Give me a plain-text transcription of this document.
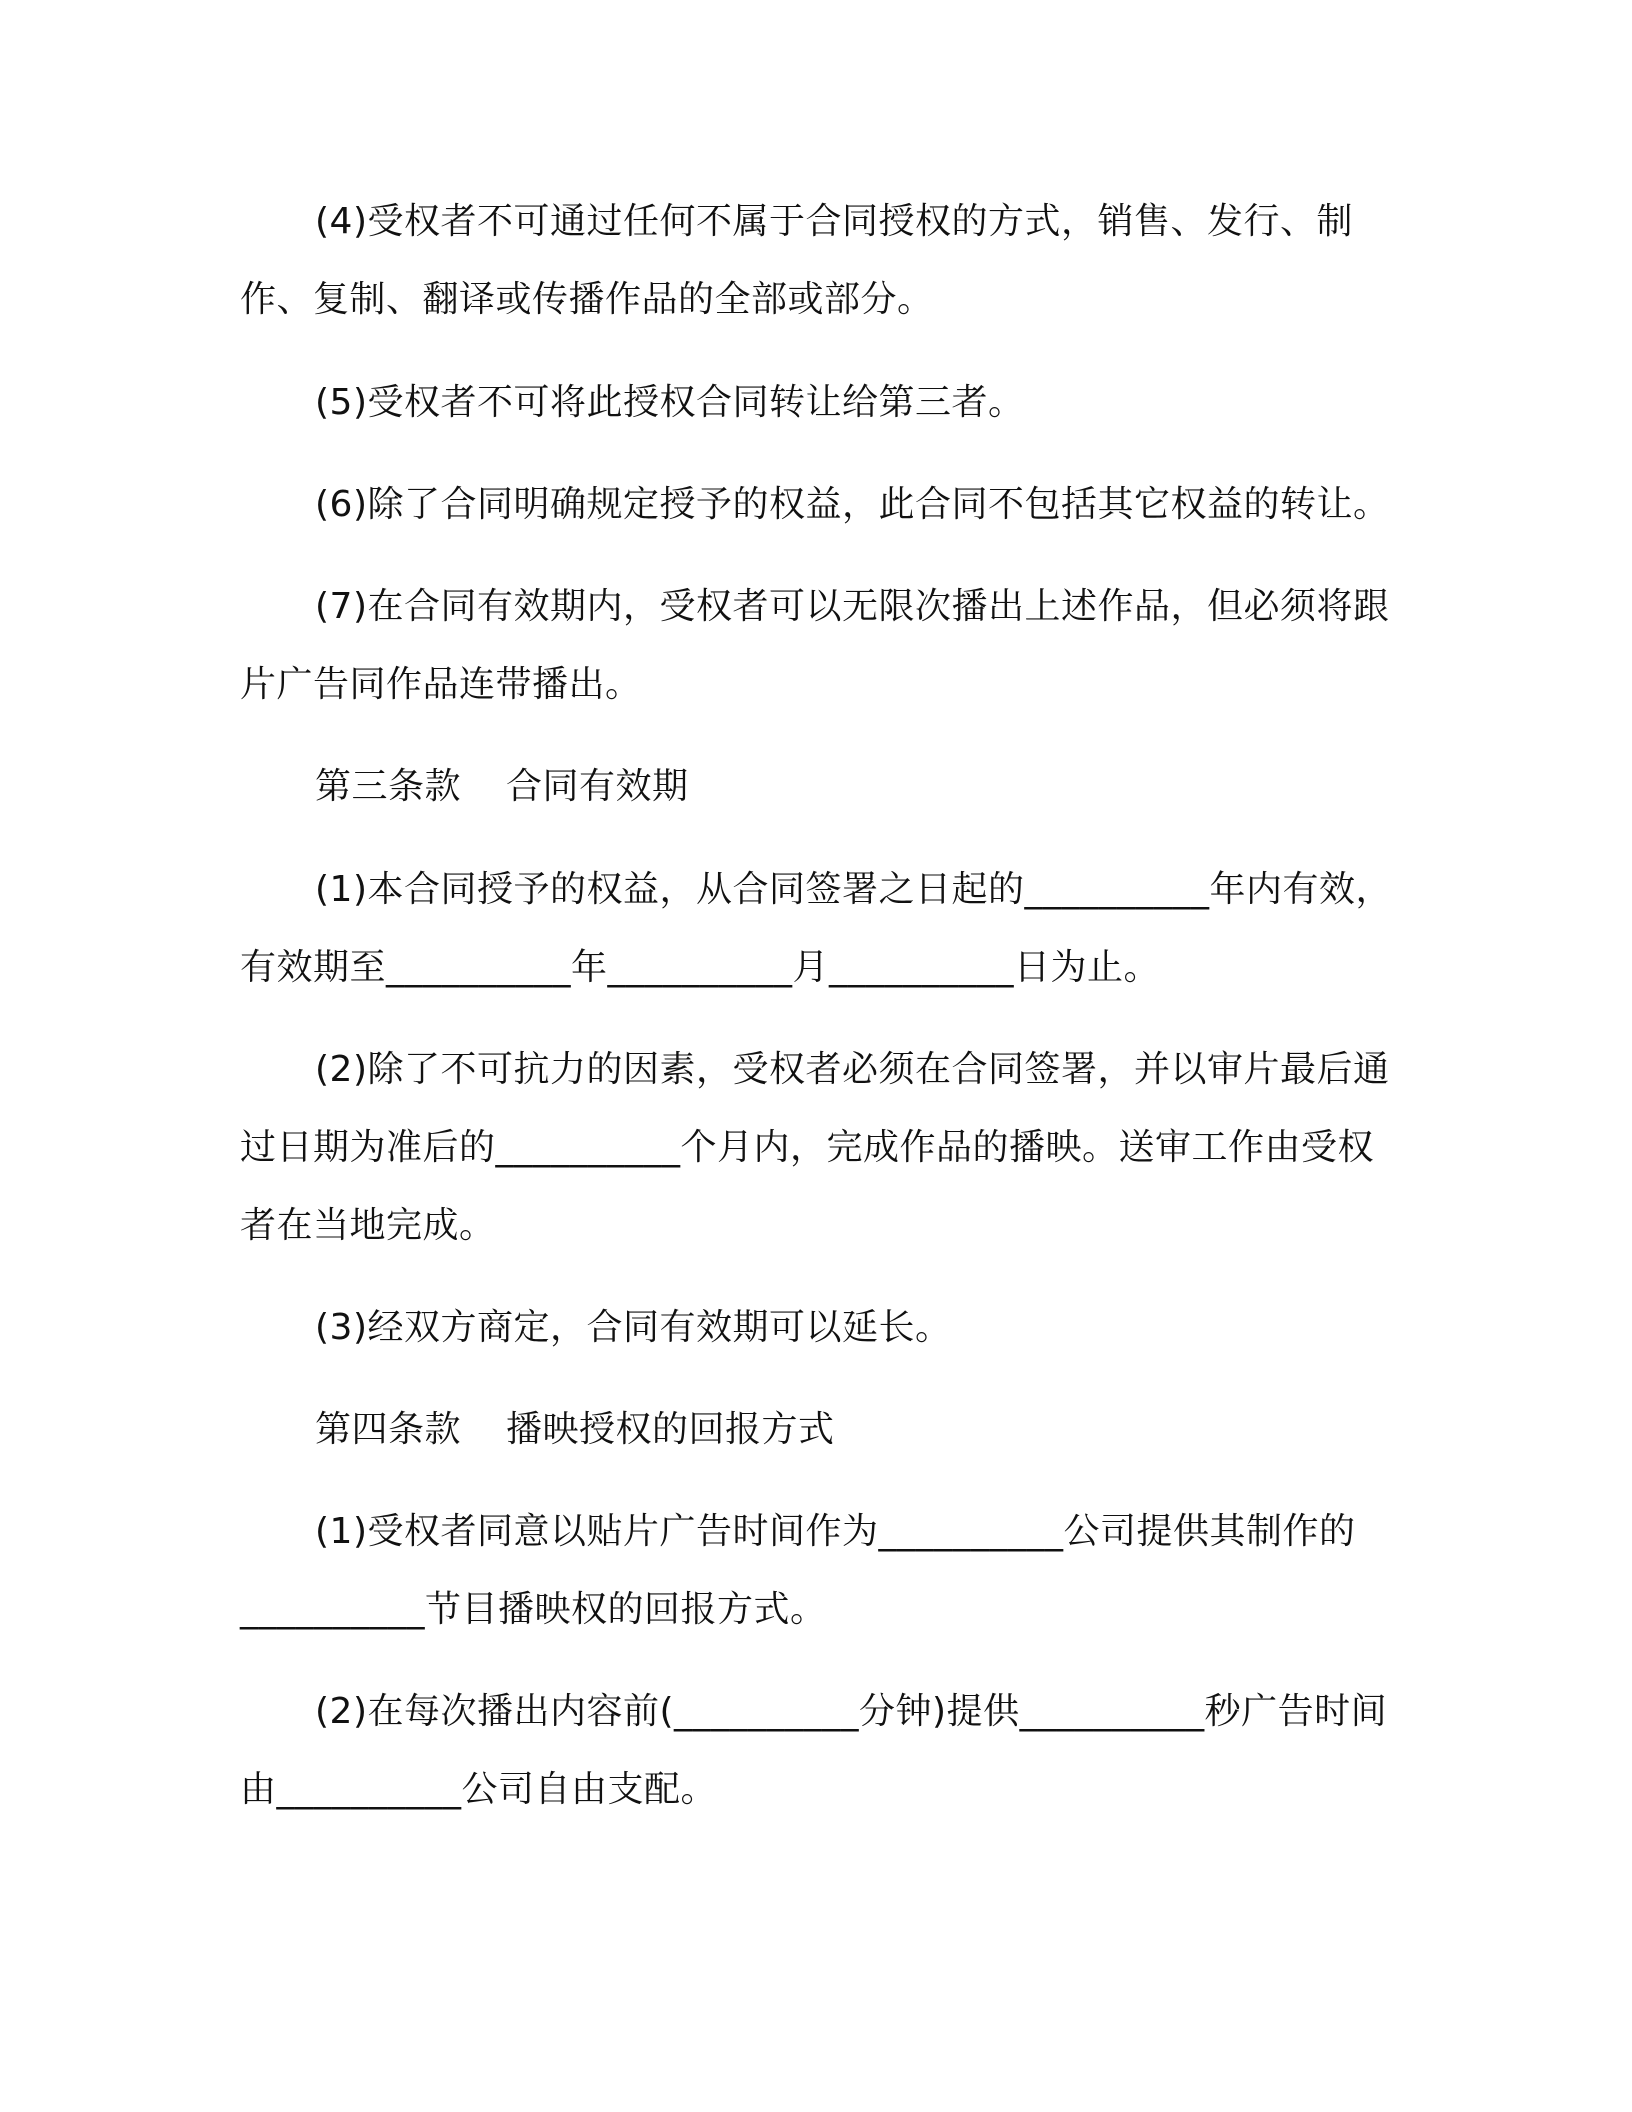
(4)受权者不可通过任何不属于合同授权的方式，销售、发行、制作、复制、翻译或传播作品的全部或部分。

(5)受权者不可将此授权合同转让给第三者。

(6)除了合同明确规定授予的权益，此合同不包括其它权益的转让。

(7)在合同有效期内，受权者可以无限次播出上述作品，但必须将跟片广告同作品连带播出。

第三条款 合同有效期

(1)本合同授予的权益，从合同签署之日起的__________年内有效，有效期至__________年__________月__________日为止。

(2)除了不可抗力的因素，受权者必须在合同签署，并以审片最后通过日期为准后的__________个月内，完成作品的播映。送审工作由受权者在当地完成。

(3)经双方商定，合同有效期可以延长。

第四条款 播映授权的回报方式

(1)受权者同意以贴片广告时间作为__________公司提供其制作的__________节目播映权的回报方式。

(2)在每次播出内容前(__________分钟)提供__________秒广告时间由__________公司自由支配。
